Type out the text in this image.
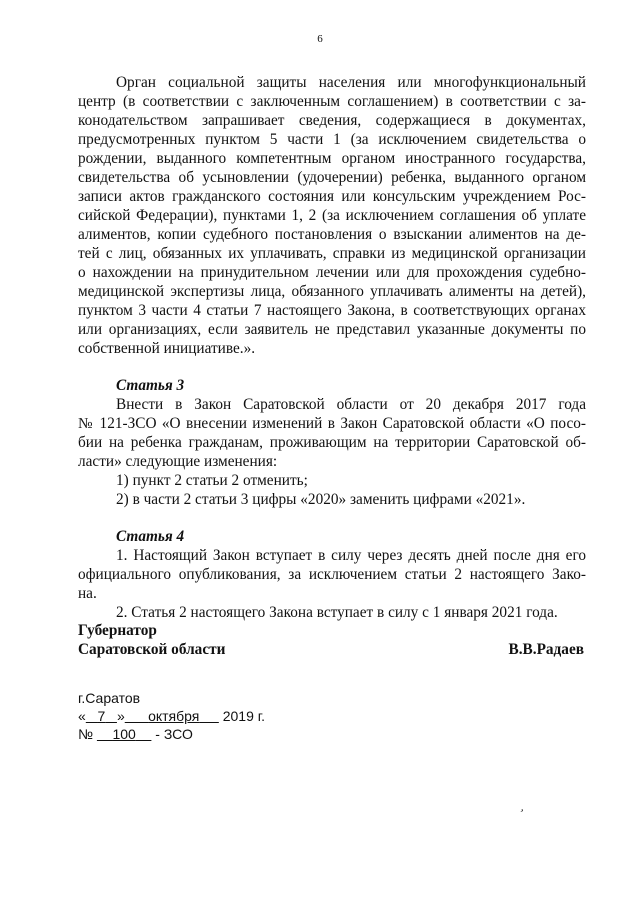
6
Орган социальной защиты населения или многофункциональный
центр (в соответствии с заключенным соглашением) в соответствии с за-
конодательством запрашивает сведения, содержащиеся в документах,
предусмотренных пунктом 5 части 1 (за исключением свидетельства о
рождении, выданного компетентным органом иностранного государства,
свидетельства об усыновлении (удочерении) ребенка, выданного органом
записи актов гражданского состояния или консульским учреждением Рос-
сийской Федерации), пунктами 1, 2 (за исключением соглашения об уплате
алиментов, копии судебного постановления о взыскании алиментов на де-
тей с лиц, обязанных их уплачивать, справки из медицинской организации
о нахождении на принудительном лечении или для прохождения судебно-
медицинской экспертизы лица, обязанного уплачивать алименты на детей),
пунктом 3 части 4 статьи 7 настоящего Закона, в соответствующих органах
или организациях, если заявитель не представил указанные документы по
собственной инициативе.».
Статья 3
Внести в Закон Саратовской области от 20 декабря 2017 года
№ 121-ЗСО «О внесении изменений в Закон Саратовской области «О посо-
бии на ребенка гражданам, проживающим на территории Саратовской об-
ласти» следующие изменения:
1) пункт 2 статьи 2 отменить;
2) в части 2 статьи 3 цифры «2020» заменить цифрами «2021».
Статья 4
1. Настоящий Закон вступает в силу через десять дней после дня его
официального опубликования, за исключением статьи 2 настоящего Зако-
на.
2. Статья 2 настоящего Закона вступает в силу с 1 января 2021 года.
Губернатор
Саратовской области	В.В.Радаев
г.Саратов
« 7 » октября 2019 г.
№ 100 - ЗСО
ʼ
